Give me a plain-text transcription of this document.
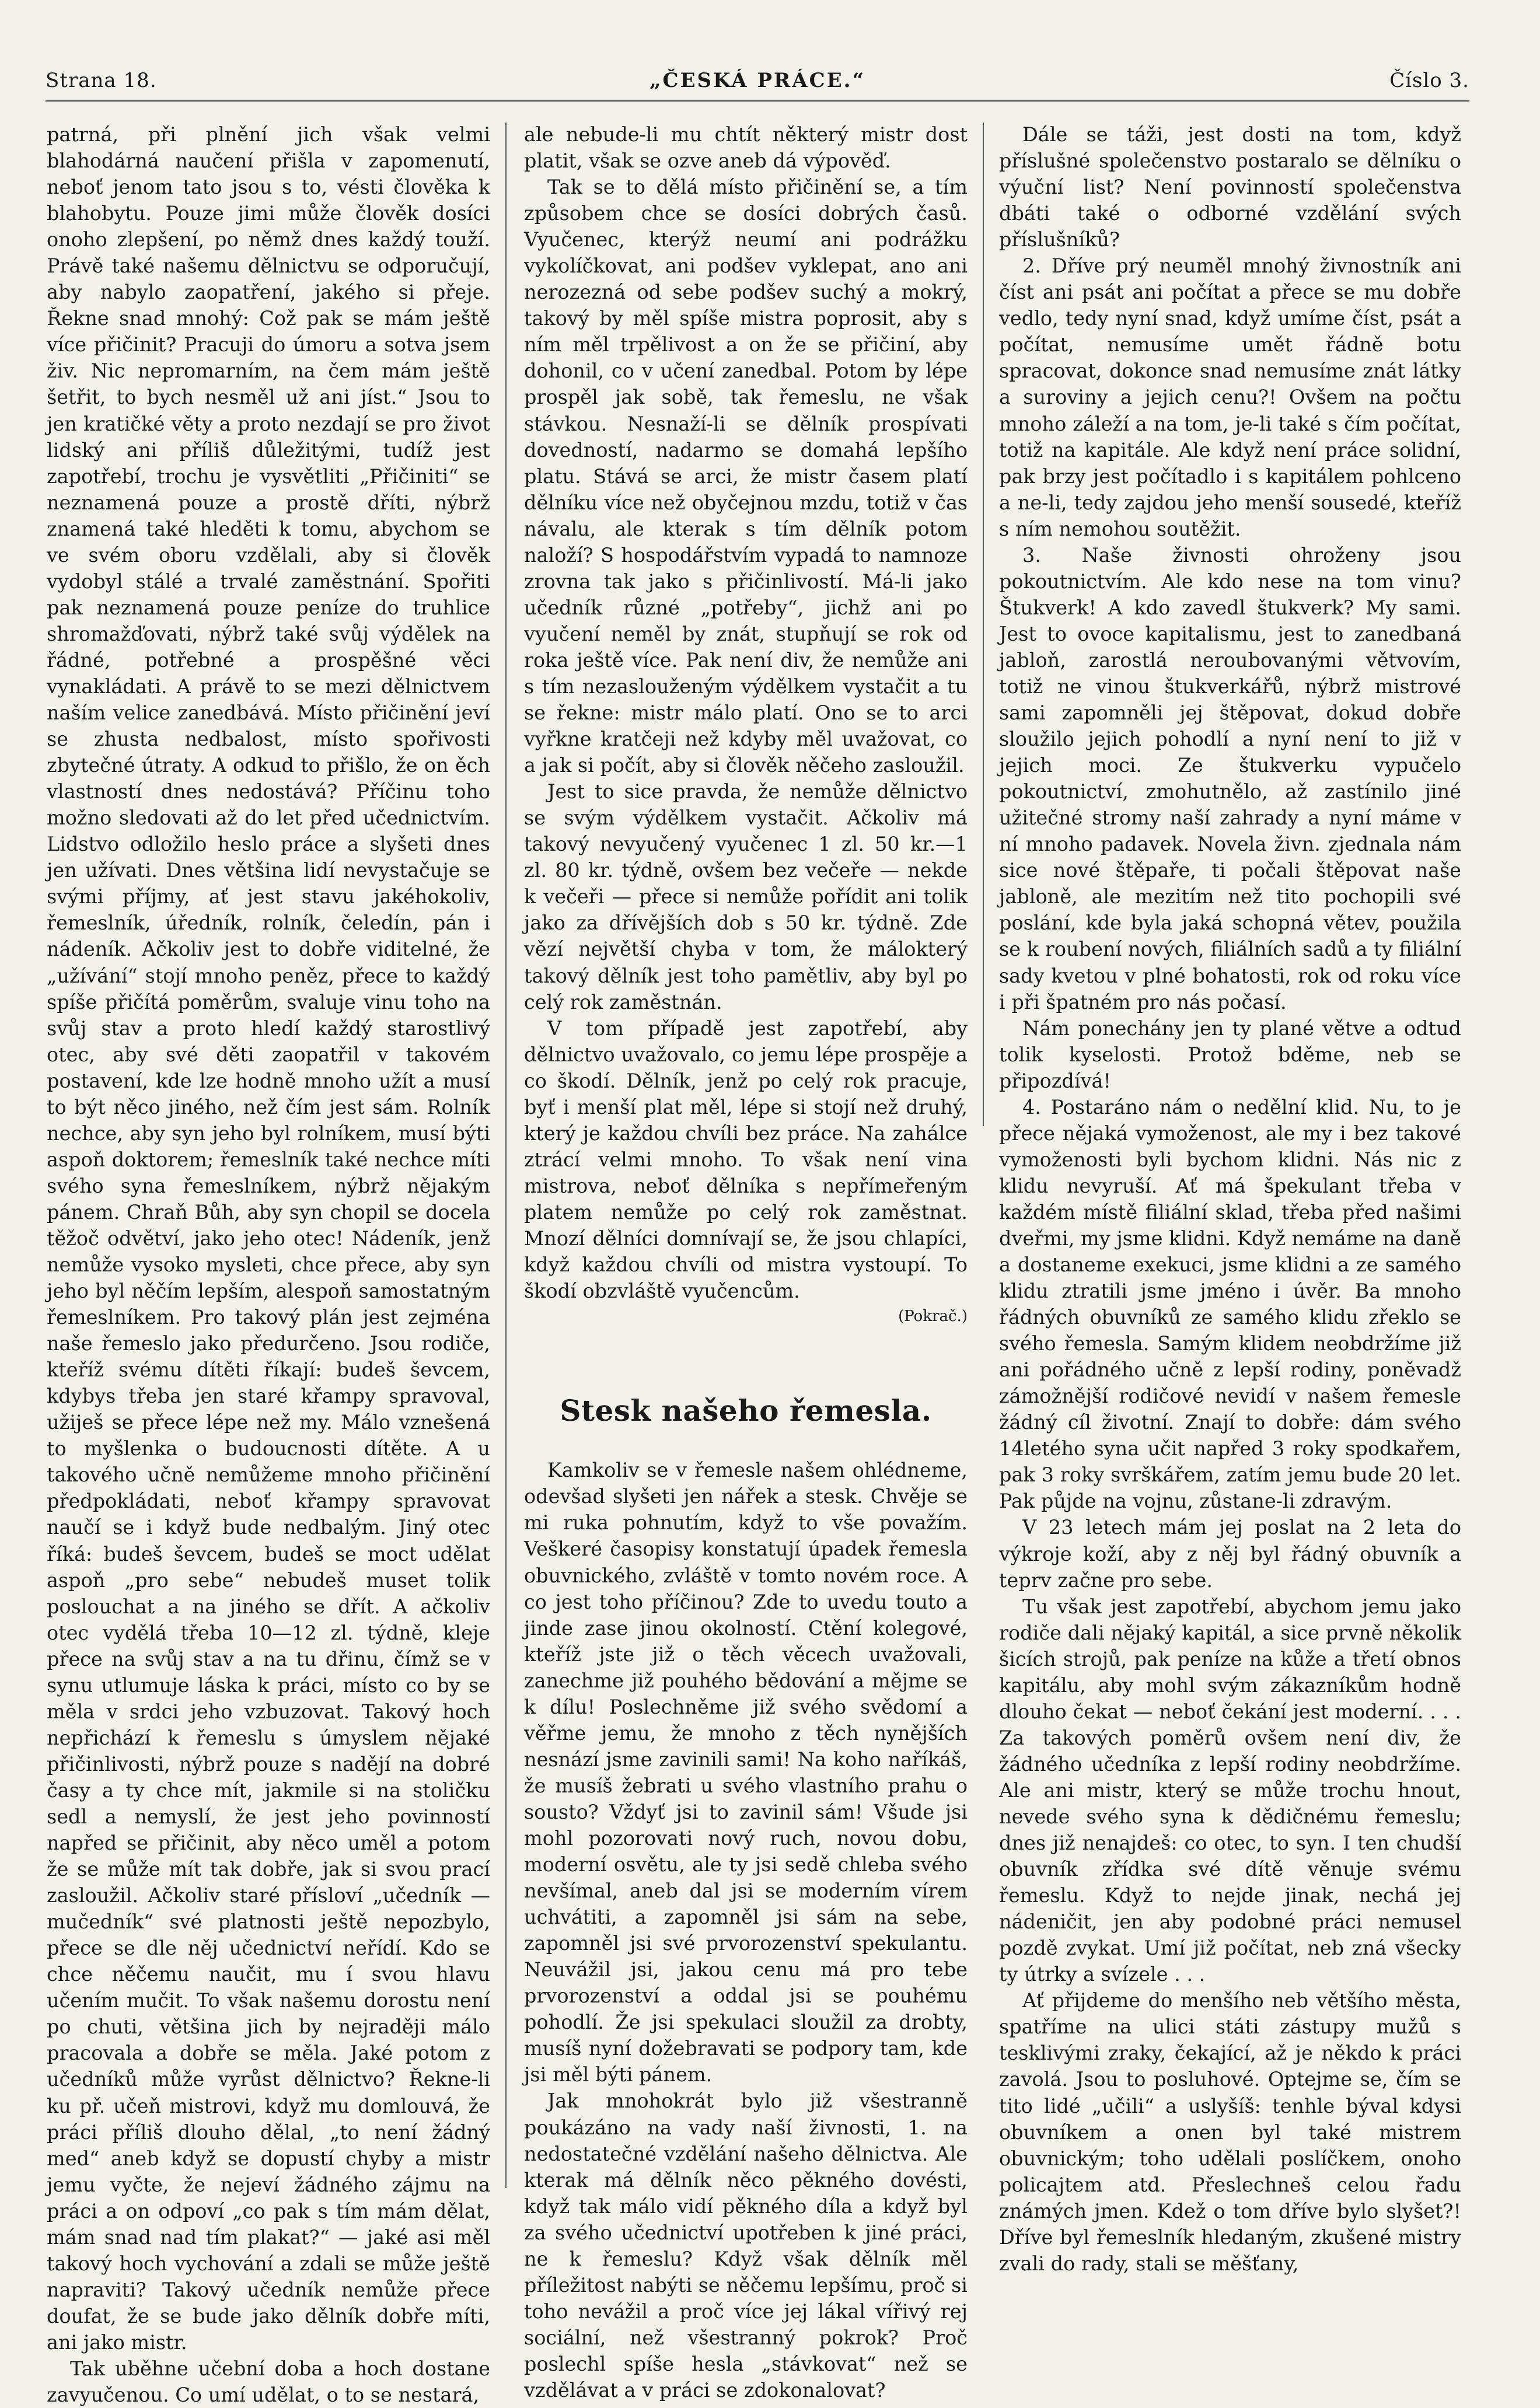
Strana 18.	„ČESKÁ PRÁCE.“	Číslo 3.

patrná, při plnění jich však velmi blahodárná naučení přišla v zapomenutí, neboť jenom tato jsou s to, vésti člověka k blahobytu. Pouze jimi může člověk dosíci onoho zlepšení, po němž dnes každý touží. Právě také našemu dělnictvu se odporučují, aby nabylo zaopatření, jakého si přeje. Řekne snad mnohý: Což pak se mám ještě více přičinit? Pracuji do úmoru a sotva jsem živ. Nic nepromarním, na čem mám ještě šetřit, to bych nesměl už ani jíst.“ Jsou to jen kratičké věty a proto nezdají se pro život lidský ani příliš důležitými, tudíž jest zapotřebí, trochu je vysvětliti „Přičiniti“ se neznamená pouze a prostě dříti, nýbrž znamená také hleděti k tomu, abychom se ve svém oboru vzdělali, aby si člověk vydobyl stálé a trvalé zaměstnání. Spořiti pak neznamená pouze peníze do truhlice shromažďovati, nýbrž také svůj výdělek na řádné, potřebné a prospěšné věci vynakládati. A právě to se mezi dělnictvem naším velice zanedbává. Místo přičinění jeví se zhusta nedbalost, místo spořivosti zbytečné útraty. A odkud to přišlo, že on ěch vlastností dnes nedostává? Příčinu toho možno sledovati až do let před učednictvím. Lidstvo odložilo heslo práce a slyšeti dnes jen užívati. Dnes většina lidí nevystačuje se svými příjmy, ať jest stavu jakéhokoliv, řemeslník, úředník, rolník, čeledín, pán i nádeník. Ačkoliv jest to dobře viditelné, že „užívání“ stojí mnoho peněz, přece to každý spíše přičítá poměrům, svaluje vinu toho na svůj stav a proto hledí každý starostlivý otec, aby své děti zaopatřil v takovém postavení, kde lze hodně mnoho užít a musí to být něco jiného, než čím jest sám. Rolník nechce, aby syn jeho byl rolníkem, musí býti aspoň doktorem; řemeslník také nechce míti svého syna řemeslníkem, nýbrž nějakým pánem. Chraň Bůh, aby syn chopil se docela těžoč odvětví, jako jeho otec! Nádeník, jenž nemůže vysoko mysleti, chce přece, aby syn jeho byl něčím lepším, alespoň samostatným řemeslníkem. Pro takový plán jest zejména naše řemeslo jako předurčeno. Jsou rodiče, kteříž svému dítěti říkají: budeš ševcem, kdybys třeba jen staré křampy spravoval, užiješ se přece lépe než my. Málo vznešená to myšlenka o budoucnosti dítěte. A u takového učně nemůžeme mnoho přičinění předpokládati, neboť křampy spravovat naučí se i když bude nedbalým. Jiný otec říká: budeš ševcem, budeš se moct udělat aspoň „pro sebe“ nebudeš muset tolik poslouchat a na jiného se dřít. A ačkoliv otec vydělá třeba 10—12 zl. týdně, kleje přece na svůj stav a na tu dřinu, čímž se v synu utlumuje láska k práci, místo co by se měla v srdci jeho vzbuzovat. Takový hoch nepřichází k řemeslu s úmyslem nějaké přičinlivosti, nýbrž pouze s nadějí na dobré časy a ty chce mít, jakmile si na stoličku sedl a nemyslí, že jest jeho povinností napřed se přičinit, aby něco uměl a potom že se může mít tak dobře, jak si svou prací zasloužil. Ačkoliv staré přísloví „učedník — mučedník“ své platnosti ještě nepozbylo, přece se dle něj učednictví neřídí. Kdo se chce něčemu naučit, mu í svou hlavu učením mučit. To však našemu dorostu není po chuti, většina jich by nejraději málo pracovala a dobře se měla. Jaké potom z učedníků může vyrůst dělnictvo? Řekne-li ku př. učeň mistrovi, když mu domlouvá, že práci příliš dlouho dělal, „to není žádný med“ aneb když se dopustí chyby a mistr jemu vyčte, že nejeví žádného zájmu na práci a on odpoví „co pak s tím mám dělat, mám snad nad tím plakat?“ — jaké asi měl takový hoch vychování a zdali se může ještě napraviti? Takový učedník nemůže přece doufat, že se bude jako dělník dobře míti, ani jako mistr.

Tak uběhne učební doba a hoch dostane zavyučenou. Co umí udělat, o to se nestará,

ale nebude-li mu chtít některý mistr dost platit, však se ozve aneb dá výpověď.

Tak se to dělá místo přičinění se, a tím způsobem chce se dosíci dobrých časů. Vyučenec, kterýž neumí ani podrážku vykolíčkovat, ani podšev vyklepat, ano ani nerozezná od sebe podšev suchý a mokrý, takový by měl spíše mistra poprosit, aby s ním měl trpělivost a on že se přičiní, aby dohonil, co v učení zanedbal. Potom by lépe prospěl jak sobě, tak řemeslu, ne však stávkou. Nesnaží-li se dělník prospívati dovedností, nadarmo se domahá lepšího platu. Stává se arci, že mistr časem platí dělníku více než obyčejnou mzdu, totiž v čas návalu, ale kterak s tím dělník potom naloží? S hospodářstvím vypadá to namnoze zrovna tak jako s přičinlivostí. Má-li jako učedník různé „potřeby“, jichž ani po vyučení neměl by znát, stupňují se rok od roka ještě více. Pak není div, že nemůže ani s tím nezaslouženým výdělkem vystačit a tu se řekne: mistr málo platí. Ono se to arci vyřkne kratčeji než kdyby měl uvažovat, co a jak si počít, aby si člověk něčeho zasloužil.

Jest to sice pravda, že nemůže dělnictvo se svým výdělkem vystačit. Ačkoliv má takový nevyučený vyučenec 1 zl. 50 kr.—1 zl. 80 kr. týdně, ovšem bez večeře — nekde k večeři — přece si nemůže pořídit ani tolik jako za dřívějších dob s 50 kr. týdně. Zde vězí největší chyba v tom, že málokterý takový dělník jest toho pamětliv, aby byl po celý rok zaměstnán.

V tom případě jest zapotřebí, aby dělnictvo uvažovalo, co jemu lépe prospěje a co škodí. Dělník, jenž po celý rok pracuje, byť i menší plat měl, lépe si stojí než druhý, který je každou chvíli bez práce. Na zahálce ztrácí velmi mnoho. To však není vina mistrova, neboť dělníka s nepřímeřeným platem nemůže po celý rok zaměstnat. Mnozí dělníci domnívají se, že jsou chlapíci, když každou chvíli od mistra vystoupí. To škodí obzvláště vyučencům.

(Pokrač.)
Stesk našeho řemesla.

Kamkoliv se v řemesle našem ohlédneme, odevšad slyšeti jen nářek a stesk. Chvěje se mi ruka pohnutím, když to vše považím. Veškeré časopisy konstatují úpadek řemesla obuvnického, zvláště v tomto novém roce. A co jest toho příčinou? Zde to uvedu touto a jinde zase jinou okolností. Ctění kolegové, kteříž jste již o těch věcech uvažovali, zanechme již pouhého bědování a mějme se k dílu! Poslechněme již svého svědomí a věřme jemu, že mnoho z těch nynějších nesnází jsme zavinili sami! Na koho naříkáš, že musíš žebrati u svého vlastního prahu o sousto? Vždyť jsi to zavinil sám! Všude jsi mohl pozorovati nový ruch, novou dobu, moderní osvětu, ale ty jsi sedě chleba svého nevšímal, aneb dal jsi se moderním vírem uchvátiti, a zapomněl jsi sám na sebe, zapomněl jsi své prvorozenství spekulantu. Neuvážil jsi, jakou cenu má pro tebe prvorozenství a oddal jsi se pouhému pohodlí. Že jsi spekulaci sloužil za drobty, musíš nyní dožebravati se podpory tam, kde jsi měl býti pánem.

Jak mnohokrát bylo již všestranně poukázáno na vady naší živnosti, 1. na nedostatečné vzdělání našeho dělnictva. Ale kterak má dělník něco pěkného dovésti, když tak málo vidí pěkného díla a když byl za svého učednictví upotřeben k jiné práci, ne k řemeslu? Když však dělník měl příležitost nabýti se něčemu lepšímu, proč si toho nevážil a proč více jej lákal vířivý rej sociální, než všestranný pokrok? Proč poslechl spíše hesla „stávkovat“ než se vzdělávat a v práci se zdokonalovat?

Dále se táži, jest dosti na tom, když příslušné společenstvo postaralo se dělníku o výuční list? Není povinností společenstva dbáti také o odborné vzdělání svých příslušníků?

2. Dříve prý neuměl mnohý živnostník ani číst ani psát ani počítat a přece se mu dobře vedlo, tedy nyní snad, když umíme číst, psát a počítat, nemusíme umět řádně botu spracovat, dokonce snad nemusíme znát látky a suroviny a jejich cenu?! Ovšem na počtu mnoho záleží a na tom, je-li také s čím počítat, totiž na kapitále. Ale když není práce solidní, pak brzy jest počítadlo i s kapitálem pohlceno a ne-li, tedy zajdou jeho menší sousedé, kteříž s ním nemohou soutěžit.

3. Naše živnosti ohroženy jsou pokoutnictvím. Ale kdo nese na tom vinu? Štukverk! A kdo zavedl štukverk? My sami. Jest to ovoce kapitalismu, jest to zanedbaná jabloň, zarostlá neroubovanými větvovím, totiž ne vinou štukverkářů, nýbrž mistrové sami zapomněli jej štěpovat, dokud dobře sloužilo jejich pohodlí a nyní není to již v jejich moci. Ze štukverku vypučelo pokoutnictví, zmohutnělo, až zastínilo jiné užitečné stromy naší zahrady a nyní máme v ní mnoho padavek. Novela živn. zjednala nám sice nové štěpaře, ti počali štěpovat naše jabloně, ale mezitím než tito pochopili své poslání, kde byla jaká schopná větev, použila se k roubení nových, filiálních sadů a ty filiální sady kvetou v plné bohatosti, rok od roku více i při špatném pro nás počasí.

Nám ponechány jen ty plané větve a odtud tolik kyselosti. Protož bděme, neb se připozdívá!

4. Postaráno nám o nedělní klid. Nu, to je přece nějaká vymoženost, ale my i bez takové vymoženosti byli bychom klidni. Nás nic z klidu nevyruší. Ať má špekulant třeba v každém místě filiální sklad, třeba před našimi dveřmi, my jsme klidni. Když nemáme na daně a dostaneme exekuci, jsme klidni a ze samého klidu ztratili jsme jméno i úvěr. Ba mnoho řádných obuvníků ze samého klidu zřeklo se svého řemesla. Samým klidem neobdržíme již ani pořádného učně z lepší rodiny, poněvadž zámožnější rodičové nevidí v našem řemesle žádný cíl životní. Znají to dobře: dám svého 14letého syna učit napřed 3 roky spodkařem, pak 3 roky svrškářem, zatím jemu bude 20 let. Pak půjde na vojnu, zůstane-li zdravým.

V 23 letech mám jej poslat na 2 leta do výkroje koží, aby z něj byl řádný obuvník a teprv začne pro sebe.

Tu však jest zapotřebí, abychom jemu jako rodiče dali nějaký kapitál, a sice prvně několik šicích strojů, pak peníze na kůže a třetí obnos kapitálu, aby mohl svým zákazníkům hodně dlouho čekat — neboť čekání jest moderní. . . . Za takových poměrů ovšem není div, že žádného učedníka z lepší rodiny neobdržíme. Ale ani mistr, který se může trochu hnout, nevede svého syna k dědičnému řemeslu; dnes již nenajdeš: co otec, to syn. I ten chudší obuvník zřídka své dítě věnuje svému řemeslu. Když to nejde jinak, nechá jej nádeničit, jen aby podobné práci nemusel pozdě zvykat. Umí již počítat, neb zná všecky ty útrky a svízele . . .

Ať přijdeme do menšího neb většího města, spatříme na ulici státi zástupy mužů s tesklivými zraky, čekající, až je někdo k práci zavolá. Jsou to posluhové. Optejme se, čím se tito lidé „učili“ a uslyšíš: tenhle býval kdysi obuvníkem a onen byl také mistrem obuvnickým; toho udělali poslíčkem, onoho policajtem atd. Přeslechneš celou řadu známých jmen. Kdež o tom dříve bylo slyšet?! Dříve byl řemeslník hledaným, zkušené mistry zvali do rady, stali se měšťany,
